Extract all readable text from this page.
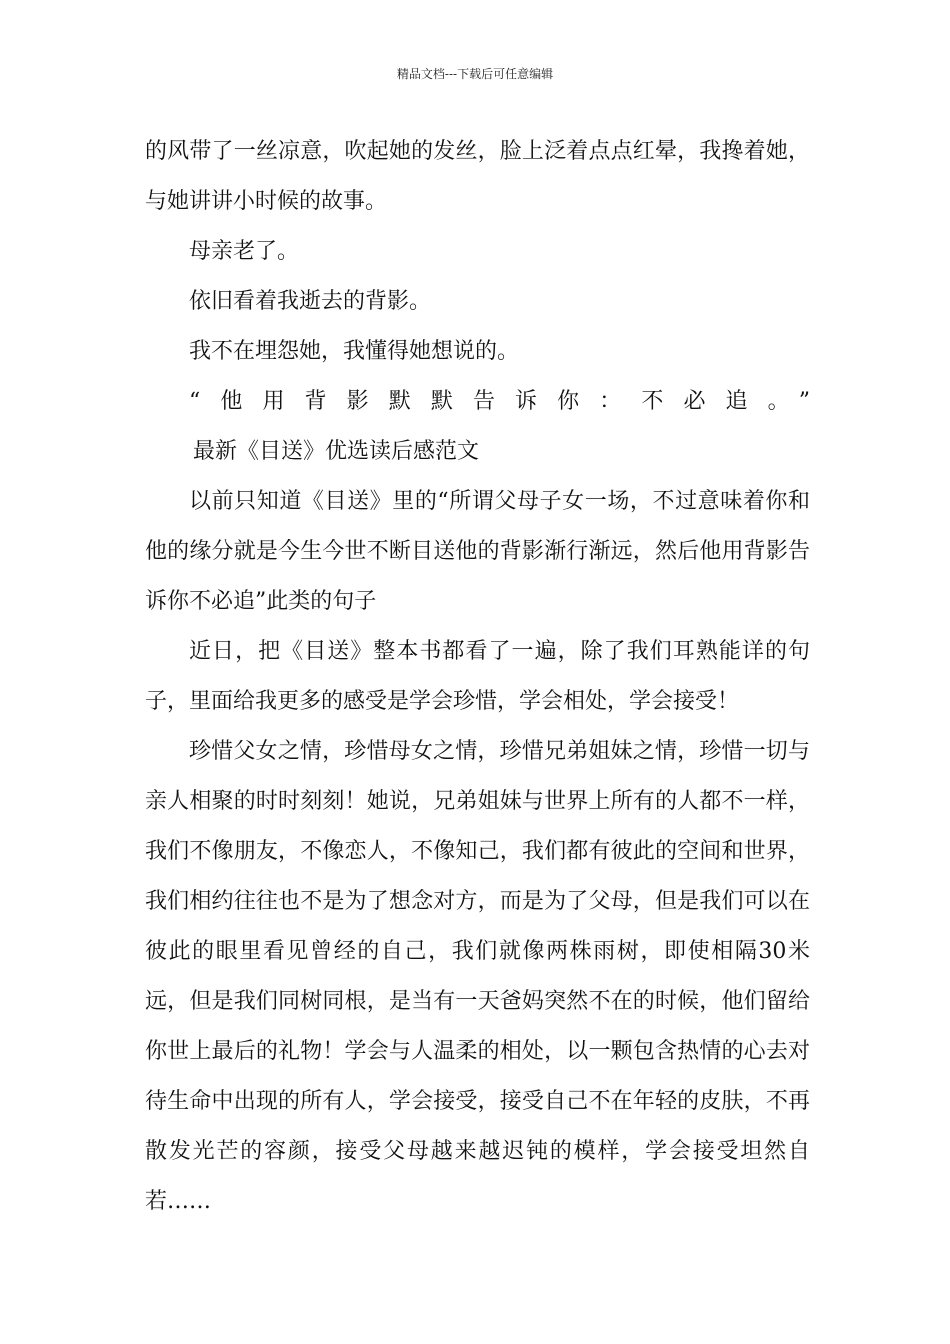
精品文档---下载后可任意编辑

的风带了一丝凉意，吹起她的发丝，脸上泛着点点红晕，我搀着她，与她讲讲小时候的故事。

母亲老了。

依旧看着我逝去的背影。

我不在埋怨她，我懂得她想说的。

“他用背影默默告诉你：不必追。”最新《目送》优选读后感范文

以前只知道《目送》里的“所谓父母子女一场，不过意味着你和他的缘分就是今生今世不断目送他的背影渐行渐远，然后他用背影告诉你不必追”此类的句子

近日，把《目送》整本书都看了一遍，除了我们耳熟能详的句子，里面给我更多的感受是学会珍惜，学会相处，学会接受！

珍惜父女之情，珍惜母女之情，珍惜兄弟姐妹之情，珍惜一切与亲人相聚的时时刻刻！她说，兄弟姐妹与世界上所有的人都不一样，我们不像朋友，不像恋人，不像知己，我们都有彼此的空间和世界，我们相约往往也不是为了想念对方，而是为了父母，但是我们可以在彼此的眼里看见曾经的自己，我们就像两株雨树，即使相隔30米远，但是我们同树同根，是当有一天爸妈突然不在的时候，他们留给你世上最后的礼物！学会与人温柔的相处，以一颗包含热情的心去对待生命中出现的所有人，学会接受，接受自己不在年轻的皮肤，不再散发光芒的容颜，接受父母越来越迟钝的模样，学会接受坦然自若……
